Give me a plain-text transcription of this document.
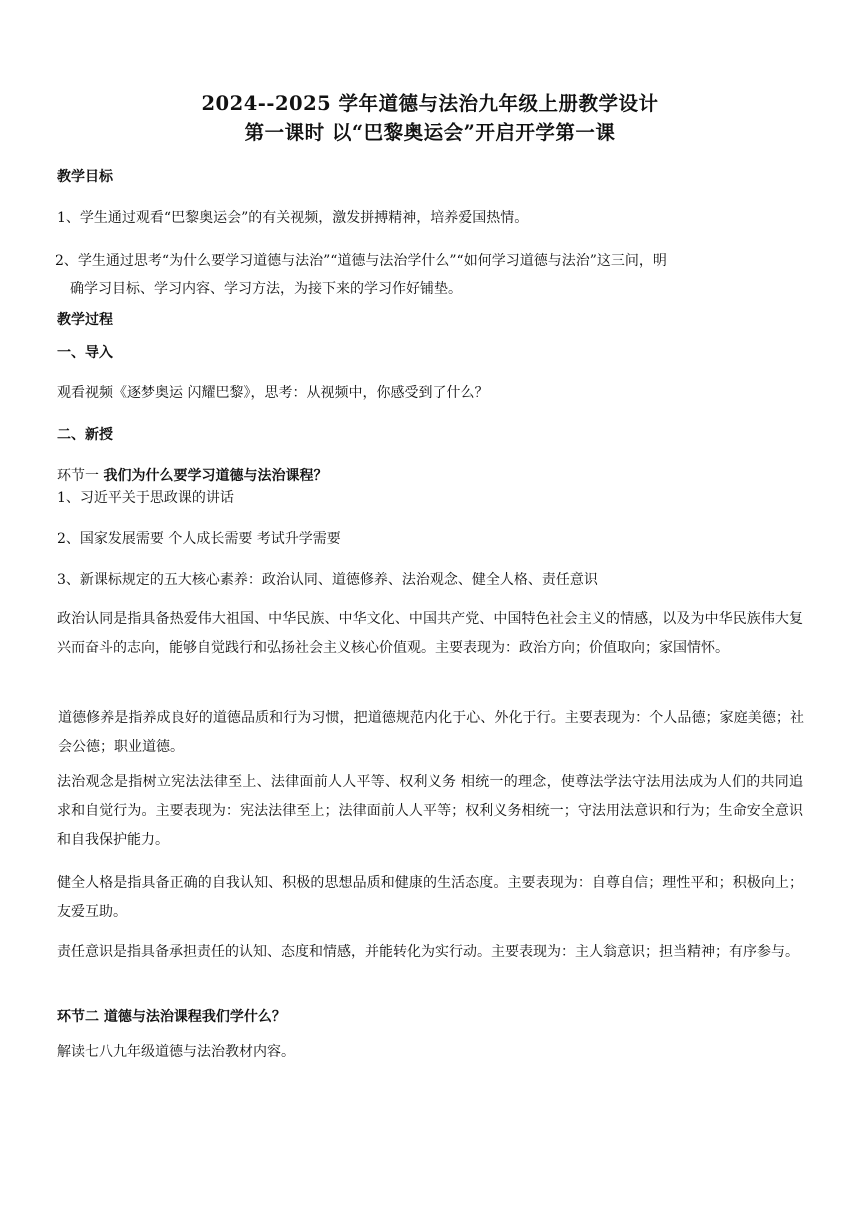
2024--2025 学年道德与法治九年级上册教学设计
第一课时 以“巴黎奥运会”开启开学第一课
教学目标
1、学生通过观看“巴黎奥运会”的有关视频，激发拼搏精神，培养爱国热情。
2、学生通过思考“为什么要学习道德与法治”“道德与法治学什么”“如何学习道德与法治”这三问，明
确学习目标、学习内容、学习方法，为接下来的学习作好铺垫。
教学过程
一、导入
观看视频《逐梦奥运 闪耀巴黎》，思考：从视频中，你感受到了什么？
二、新授
环节一 我们为什么要学习道德与法治课程？
1、习近平关于思政课的讲话
2、国家发展需要 个人成长需要 考试升学需要
3、新课标规定的五大核心素养：政治认同、道德修养、法治观念、健全人格、责任意识
政治认同是指具备热爱伟大祖国、中华民族、中华文化、中国共产党、中国特色社会主义的情感，以及为中华民族伟大复兴而奋斗的志向，能够自觉践行和弘扬社会主义核心价值观。主要表现为：政治方向；价值取向；家国情怀。
道德修养是指养成良好的道德品质和行为习惯，把道德规范内化于心、外化于行。主要表现为：个人品德；家庭美德；社会公德；职业道德。
法治观念是指树立宪法法律至上、法律面前人人平等、权利义务 相统一的理念，使尊法学法守法用法成为人们的共同追求和自觉行为。主要表现为：宪法法律至上；法律面前人人平等；权利义务相统一；守法用法意识和行为；生命安全意识和自我保护能力。
健全人格是指具备正确的自我认知、积极的思想品质和健康的生活态度。主要表现为：自尊自信；理性平和；积极向上；友爱互助。
责任意识是指具备承担责任的认知、态度和情感，并能转化为实行动。主要表现为：主人翁意识；担当精神；有序参与。
环节二 道德与法治课程我们学什么？
解读七八九年级道德与法治教材内容。
